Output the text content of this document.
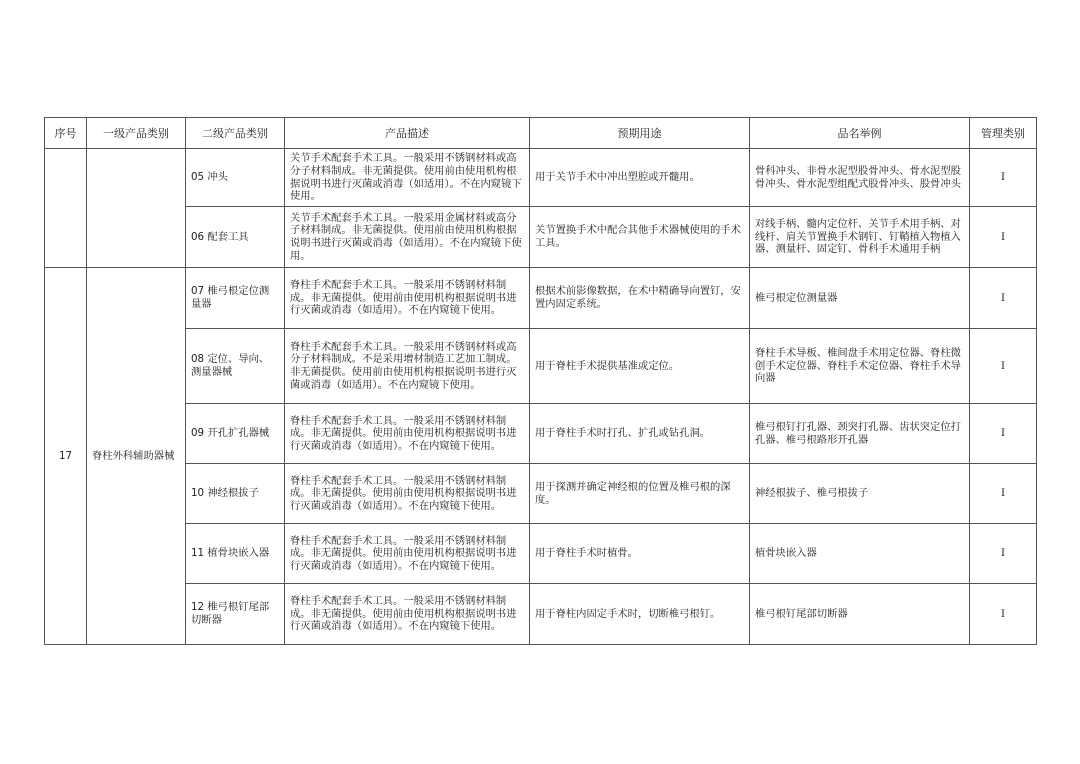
序号	一级产品类别	二级产品类别	产品描述	预期用途	品名举例	管理类别
		05 冲头	关节手术配套手术工具。一般采用不锈钢材料或高分子材料制成。非无菌提供。使用前由使用机构根据说明书进行灭菌或消毒（如适用）。不在内窥镜下使用。	用于关节手术中冲出塑腔或开髓用。	骨科冲头、非骨水泥型股骨冲头、骨水泥型股骨冲头、骨水泥型组配式股骨冲头、股骨冲头	I
		06 配套工具	关节手术配套手术工具。一般采用金属材料或高分子材料制成。非无菌提供。使用前由使用机构根据说明书进行灭菌或消毒（如适用）。不在内窥镜下使用。	关节置换手术中配合其他手术器械使用的手术工具。	对线手柄、髓内定位杆、关节手术用手柄、对线杆、肩关节置换手术钢钉、钉鞘植入物植入器、测量杆、固定钉、骨科手术通用手柄	I
17	脊柱外科辅助器械	07 椎弓根定位测量器	脊柱手术配套手术工具。一般采用不锈钢材料制成。非无菌提供。使用前由使用机构根据说明书进行灭菌或消毒（如适用）。不在内窥镜下使用。	根据术前影像数据，在术中精确导向置钉，安置内固定系统。	椎弓根定位测量器	I
		08 定位、导向、测量器械	脊柱手术配套手术工具。一般采用不锈钢材料或高分子材料制成。不是采用增材制造工艺加工制成。非无菌提供。使用前由使用机构根据说明书进行灭菌或消毒（如适用）。不在内窥镜下使用。	用于脊柱手术提供基准或定位。	脊柱手术导板、椎间盘手术用定位器、脊柱微创手术定位器、脊柱手术定位器、脊柱手术导向器	I
		09 开孔扩孔器械	脊柱手术配套手术工具。一般采用不锈钢材料制成。非无菌提供。使用前由使用机构根据说明书进行灭菌或消毒（如适用）。不在内窥镜下使用。	用于脊柱手术时打孔、扩孔或钻孔洞。	椎弓根钉打孔器、颈突打孔器、齿状突定位打孔器、椎弓根路形开孔器	I
		10 神经根拔子	脊柱手术配套手术工具。一般采用不锈钢材料制成。非无菌提供。使用前由使用机构根据说明书进行灭菌或消毒（如适用）。不在内窥镜下使用。	用于探测并确定神经根的位置及椎弓根的深度。	神经根拔子、椎弓根拔子	I
		11 植骨块嵌入器	脊柱手术配套手术工具。一般采用不锈钢材料制成。非无菌提供。使用前由使用机构根据说明书进行灭菌或消毒（如适用）。不在内窥镜下使用。	用于脊柱手术时植骨。	植骨块嵌入器	I
		12 椎弓根钉尾部切断器	脊柱手术配套手术工具。一般采用不锈钢材料制成。非无菌提供。使用前由使用机构根据说明书进行灭菌或消毒（如适用）。不在内窥镜下使用。	用于脊柱内固定手术时，切断椎弓根钉。	椎弓根钉尾部切断器	I
